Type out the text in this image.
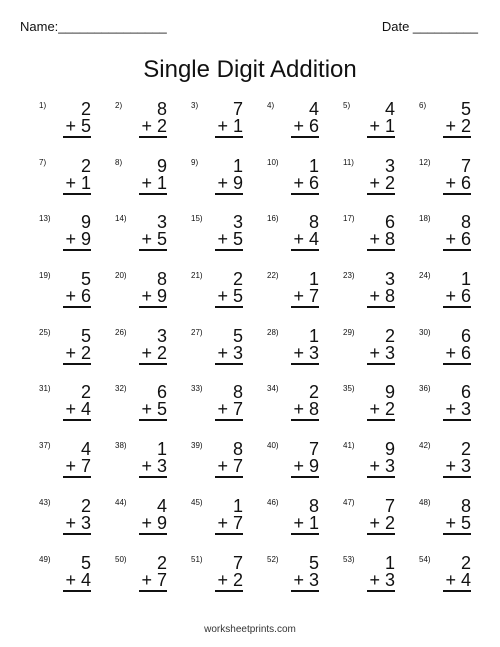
Name:_______________	Date _________
Single Digit Addition
1)	2
+ 5
2)	8
+ 2
3)	7
+ 1
4)	4
+ 6
5)	4
+ 1
6)	5
+ 2
7)	2
+ 1
8)	9
+ 1
9)	1
+ 9
10)	1
+ 6
11)	3
+ 2
12)	7
+ 6
13)	9
+ 9
14)	3
+ 5
15)	3
+ 5
16)	8
+ 4
17)	6
+ 8
18)	8
+ 6
19)	5
+ 6
20)	8
+ 9
21)	2
+ 5
22)	1
+ 7
23)	3
+ 8
24)	1
+ 6
25)	5
+ 2
26)	3
+ 2
27)	5
+ 3
28)	1
+ 3
29)	2
+ 3
30)	6
+ 6
31)	2
+ 4
32)	6
+ 5
33)	8
+ 7
34)	2
+ 8
35)	9
+ 2
36)	6
+ 3
37)	4
+ 7
38)	1
+ 3
39)	8
+ 7
40)	7
+ 9
41)	9
+ 3
42)	2
+ 3
43)	2
+ 3
44)	4
+ 9
45)	1
+ 7
46)	8
+ 1
47)	7
+ 2
48)	8
+ 5
49)	5
+ 4
50)	2
+ 7
51)	7
+ 2
52)	5
+ 3
53)	1
+ 3
54)	2
+ 4
worksheetprints.com
